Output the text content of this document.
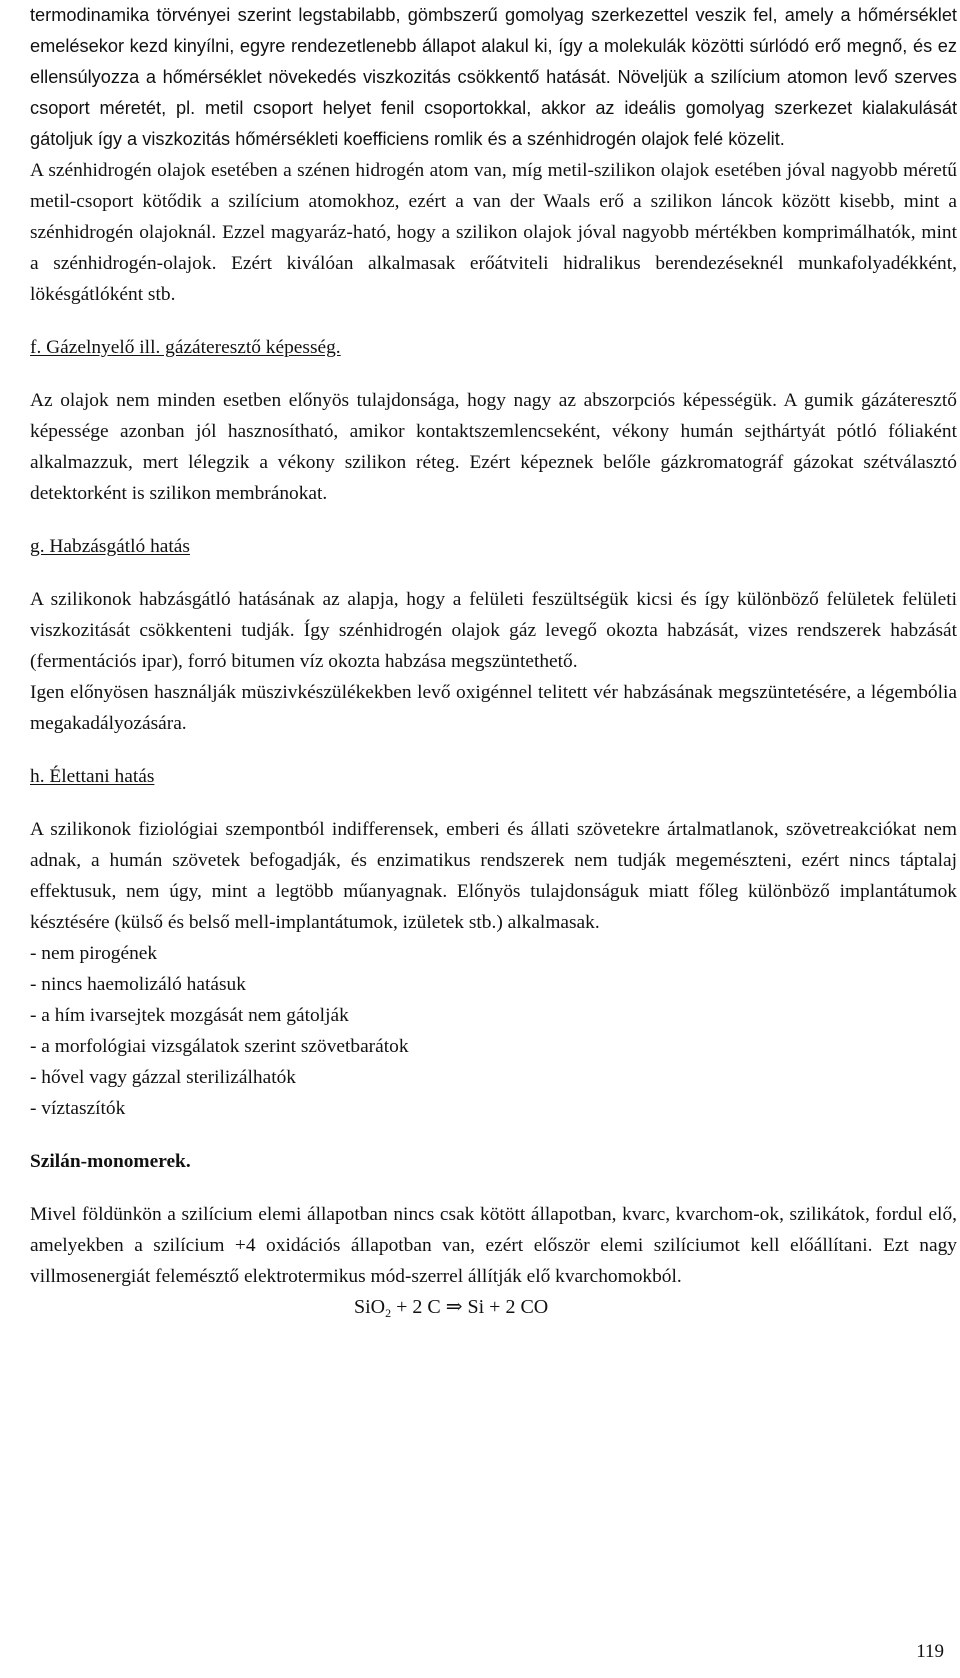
termodinamika törvényei szerint legstabilabb, gömbszerű gomolyag szerkezettel veszik fel, amely a hőmérséklet emelésekor kezd kinyílni, egyre rendezetlenebb állapot alakul ki, így a molekulák közötti súrlódó erő megnő, és ez ellensúlyozza a hőmérséklet növekedés viszkozitás csökkentő hatását. Növeljük a szilícium atomon levő szerves csoport méretét, pl. metil csoport helyet fenil csoportokkal, akkor az ideális gomolyag szerkezet kialakulását gátoljuk így a viszkozitás hőmérsékleti koefficiens romlik és a szénhidrogén olajok felé közelit.

A szénhidrogén olajok esetében a szénen hidrogén atom van, míg metil-szilikon olajok esetében jóval nagyobb méretű metil-csoport kötődik a szilícium atomokhoz, ezért a van der Waals erő a szilikon láncok között kisebb, mint a szénhidrogén olajoknál. Ezzel magyaráz-ható, hogy a szilikon olajok jóval nagyobb mértékben komprimálhatók, mint a szénhidrogén-olajok. Ezért kiválóan alkalmasak erőátviteli hidralikus berendezéseknél munkafolyadékként, lökésgátlóként stb.

f. Gázelnyelő ill. gázáteresztő képesség.

Az olajok nem minden esetben előnyös tulajdonsága, hogy nagy az abszorpciós képességük. A gumik gázáteresztő képessége azonban jól hasznosítható, amikor kontaktszemlencseként, vékony humán sejthártyát pótló fóliaként alkalmazzuk, mert lélegzik a vékony szilikon réteg. Ezért képeznek belőle gázkromatográf gázokat szétválasztó detektorként is szilikon membránokat.

g. Habzásgátló hatás

A szilikonok habzásgátló hatásának az alapja, hogy a felületi feszültségük kicsi és így különböző felületek felületi viszkozitását csökkenteni tudják. Így szénhidrogén olajok gáz levegő okozta habzását, vizes rendszerek habzását (fermentációs ipar), forró bitumen víz okozta habzása megszüntethető.

Igen előnyösen használják müszivkészülékekben levő oxigénnel telitett vér habzásának megszüntetésére, a légembólia megakadályozására.

h. Élettani hatás

A szilikonok fiziológiai szempontból indifferensek, emberi és állati szövetekre ártalmatlanok, szövetreakciókat nem adnak, a humán szövetek befogadják, és enzimatikus rendszerek nem tudják megemészteni, ezért nincs táptalaj effektusuk, nem úgy, mint a legtöbb műanyagnak. Előnyös tulajdonságuk miatt főleg különböző implantátumok késztésére (külső és belső mell-implantátumok, izületek stb.) alkalmasak.

- nem pirogének

- nincs haemolizáló hatásuk

- a hím ivarsejtek mozgását nem gátolják

- a morfológiai vizsgálatok szerint szövetbarátok

- hővel vagy gázzal sterilizálhatók

- víztaszítók

Szilán-monomerek.

Mivel földünkön a szilícium elemi állapotban nincs csak kötött állapotban, kvarc, kvarchom-ok, szilikátok, fordul elő, amelyekben a szilícium +4 oxidációs állapotban van, ezért először elemi szilíciumot kell előállítani. Ezt nagy villmosenergiát felemésztő elektrotermikus mód-szerrel állítják elő kvarchomokból.

SiO$_2$ + 2 C ⇒ Si + 2 CO

119
